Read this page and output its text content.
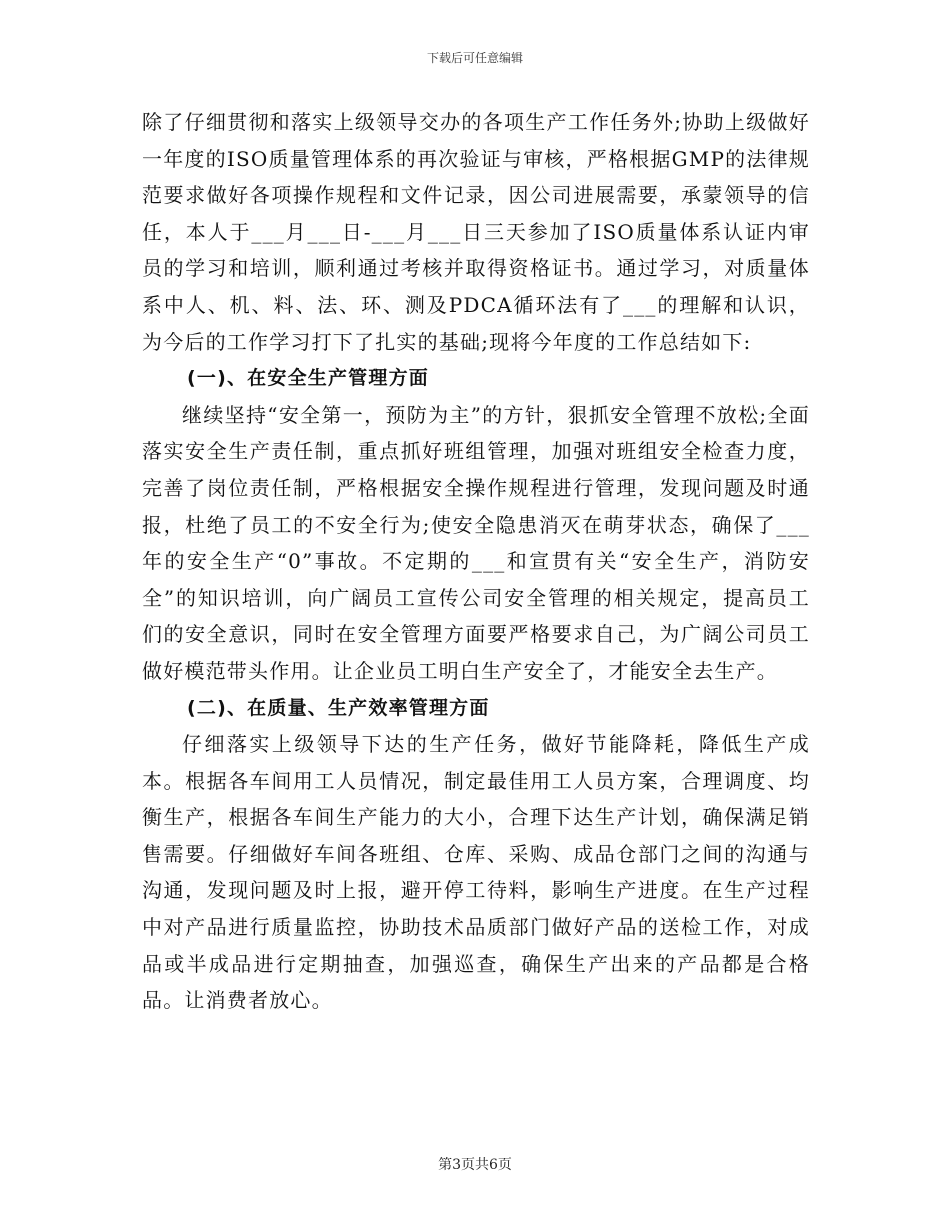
下载后可任意编辑

除了仔细贯彻和落实上级领导交办的各项生产工作任务外;协助上级做好一年度的ISO质量管理体系的再次验证与审核，严格根据GMP的法律规范要求做好各项操作规程和文件记录，因公司进展需要，承蒙领导的信任，本人于___月___日-___月___日三天参加了ISO质量体系认证内审员的学习和培训，顺利通过考核并取得资格证书。通过学习，对质量体系中人、机、料、法、环、测及PDCA循环法有了___的理解和认识，为今后的工作学习打下了扎实的基础;现将今年度的工作总结如下:

(一)、在安全生产管理方面

继续坚持“安全第一，预防为主”的方针，狠抓安全管理不放松;全面落实安全生产责任制，重点抓好班组管理，加强对班组安全检查力度，完善了岗位责任制，严格根据安全操作规程进行管理，发现问题及时通报，杜绝了员工的不安全行为;使安全隐患消灭在萌芽状态，确保了___年的安全生产“0”事故。不定期的___和宣贯有关“安全生产，消防安全”的知识培训，向广阔员工宣传公司安全管理的相关规定，提高员工们的安全意识，同时在安全管理方面要严格要求自己，为广阔公司员工做好模范带头作用。让企业员工明白生产安全了，才能安全去生产。

(二)、在质量、生产效率管理方面

仔细落实上级领导下达的生产任务，做好节能降耗，降低生产成本。根据各车间用工人员情况，制定最佳用工人员方案，合理调度、均衡生产，根据各车间生产能力的大小，合理下达生产计划，确保满足销售需要。仔细做好车间各班组、仓库、采购、成品仓部门之间的沟通与沟通，发现问题及时上报，避开停工待料，影响生产进度。在生产过程中对产品进行质量监控，协助技术品质部门做好产品的送检工作，对成品或半成品进行定期抽查，加强巡查，确保生产出来的产品都是合格品。让消费者放心。

第3页共6页
